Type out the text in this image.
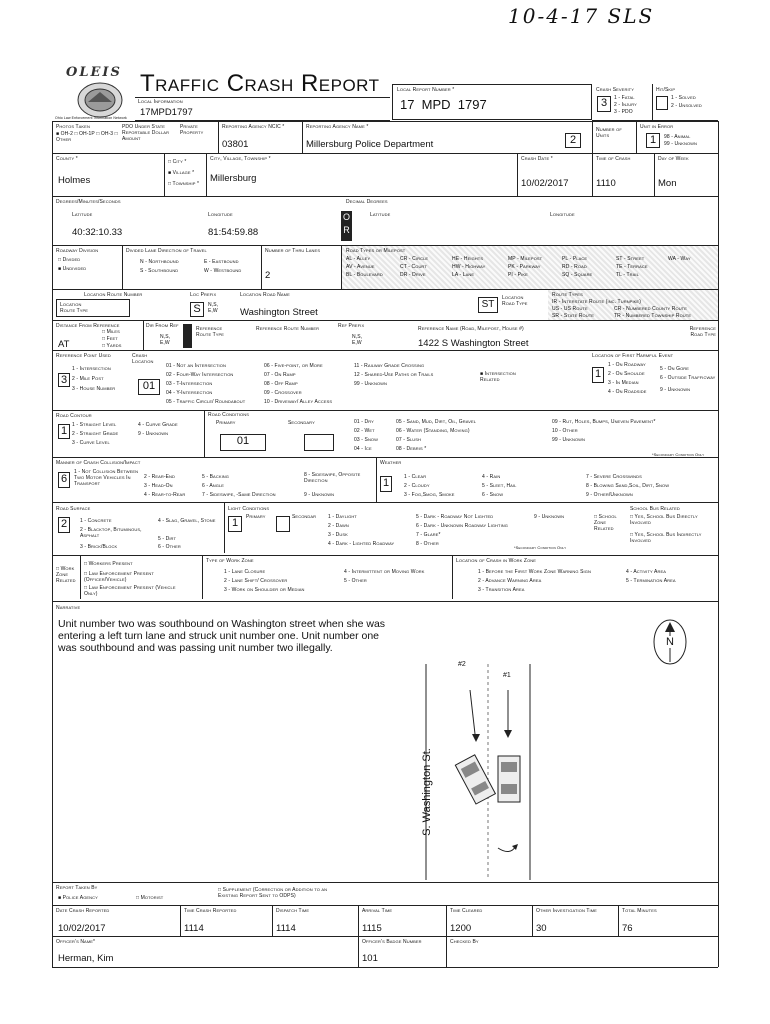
10-4-17 SLS
OLEIS
Ohio Law Enforcement Information Network
Traffic Crash Report
Local Information
17MPD1797
Local Report Number *
17  MPD  1797
Crash Severity
3	1 - Fatal
2 - Injury
3 - PDO
Hit/Skip
1 - Solved
2 - Unsolved
Photos Taken
■ OH-2 □ OH-1P □ OH-3 □ Other
PDO Under State Reportable Dollar Amount
Private Property
Reporting Agency NCIC *
03801
Reporting Agency Name *
Millersburg Police Department	2
Number of Units
Unit in Error
1	98 - Animal
99 - Unknown
County *
Holmes
□ City *
■ Village *
□ Township *
City, Village, Township *
Millersburg
Crash Date *
10/02/2017
Time of Crash
1110
Day of Week
Mon
Degrees/Minutes/Seconds
Latitude
40:32:10.33
Longitude
81:54:59.88
O R
Decimal Degrees
Latitude	Longitude
Roadway Division
□ Divided
■ Undivided
Divided Lane Direction of Travel
N - Northbound	E - Eastbound
S - Southbound	W - Westbound
Number of Thru Lanes
2
Road Types or Milepost
AL - Alley	CR - Circle	HE - Heights	MP - Milepost	PL - Place	ST - Street	WA - Way
AV - Avenue	CT - Court	HW - Highway	PK - Parkway	RD - Road	TE - Terrace
BL - Boulevard	DR - Drive	LA - Lane	PI - Pike	SQ - Square	TL - Trail
Location Route Number
Location Route Type
Loc Prefix
S	N,S, E,W
Location Road Name
Washington Street
ST
Location Road Type
Route Types
IR - Interstate Route (inc. Turnpike)
US - US Route	CR - Numbered County Route
SR - State Route	TR - Numbered Township Route
Distance From Reference
AT
□ Miles
□ Feet
□ Yards
Dir From Ref
N,S, E,W
Reference Route Type
Reference Route Number	Ref Prefix
N,S, E,W
Reference Name (Road, Milepost, House #)
1422 S Washington Street
Reference Road Type
Reference Point Used
3
1 - Intersection
2 - Mile Post
3 - House Number
Crash Location
01
01 - Not an Intersection
02 - Four-Way Intersection
03 - T-Intersection
04 - Y-Intersection
05 - Traffic Circle/ Roundabout
06 - Five-point, or More
07 - On Ramp
08 - Off Ramp
09 - Crossover
10 - Driveway/ Alley Access
11 - Railway Grade Crossing
12 - Shared-Use Paths or Trails
99 - Unknown
■ Intersection Related
Location of First Harmful Event
1
1 - On Roadway
2 - On Shoulde
3 - In Median
4 - On Roadside
5 - On Gore
6 - Outside Trafficway
9 - Unknown
Road Contour
1 1 - Straight Level
2 - Straight Grade
3 - Curve Level
4 - Curve Grade
9 - Unknown
Road Conditions
Primary
01
Secondary	01 - Dry
02 - Wet
03 - Snow
04 - Ice
05 - Sand, Mud, Dirt, Oil, Gravel
06 - Water (Standing, Moving)
07 - Slush
08 - Debris *
09 - Rut, Holes, Bumps, Uneven Pavement*
10 - Other
99 - Unknown
*Secondary Condition Only
Manner of Crash Collision/Impact
6
1 - Not Collision Between Two Motor Vehicles In Transport
2 - Rear-End
3 - Head-On
4 - Rear-to-Rear
5 - Backing
6 - Angle
7 - Sideswipe, -Same Direction
8 - Sideswipe, Opposite Direction
9 - Unknown
Weather
1	1 - Clear
2 - Cloudy
3 - Fog,Smog, Smoke
4 - Rain
5 - Sleet, Hail
6 - Snow
7 - Severe Crosswinds
8 - Blowing Sand,Soil, Dirt, Snow
9 - Other/Unknown
Road Surface
2	1 - Concrete
2 - Blacktop, Bituminous, Asphalt
3 - Brick/Block
4 - Slag, Gravel, Stone
5 - Dirt
6 - Other
Light Conditions
Primary
1	Secondar 1 - Daylight
2 - Dawn
3 - Dusk
4 - Dark - Lighted Roadway
5 - Dark - Roadway Not Lighted
6 - Dark - Unknown Roadway Lighting
7 - Glare*
8 - Other
9 - Unknown
*Secondary Condition Only
□ School Zone Related
School Bus Related
□ Yes, School Bus Directly Involved
□ Yes, School Bus Indirectly Involved
□ Work Zone Related
□ Workers Present
□ Law Enforcement Present (Officer/Vehicle)
□ Law Enforcement Present (Vehicle Only)
Type of Work Zone
1 - Lane Closure
2 - Lane Shift/ Crossover
3 - Work on Shoulder or Median
4 - Intermittent or Moving Work
5 - Other
Location of Crash in Work Zone
1 - Before the First Work Zone Warning Sign
2 - Advance Warning Area
3 - Transition Area
4 - Activity Area
5 - Termination Area
Narrative
Unit number two was southbound on Washington street when she was entering a left turn lane and struck unit number one. Unit number one was southbound and was passing unit number two illegally.	N
#2
#1
S. Washington St.
Report Taken By
■ Police Agency	□ Motorist
□ Supplement (Correction or Addition to an Existing Report Sent to ODPS)
Date Crash Reported
10/02/2017
Time Crash Reported
1114
Dispatch Time
1114
Arrival Time
1115
Time Cleared
1200
Other Investigation Time
30
Total Minutes
76
Officer's Name*
Herman, Kim
Officer's Badge Number
101
Checked By
